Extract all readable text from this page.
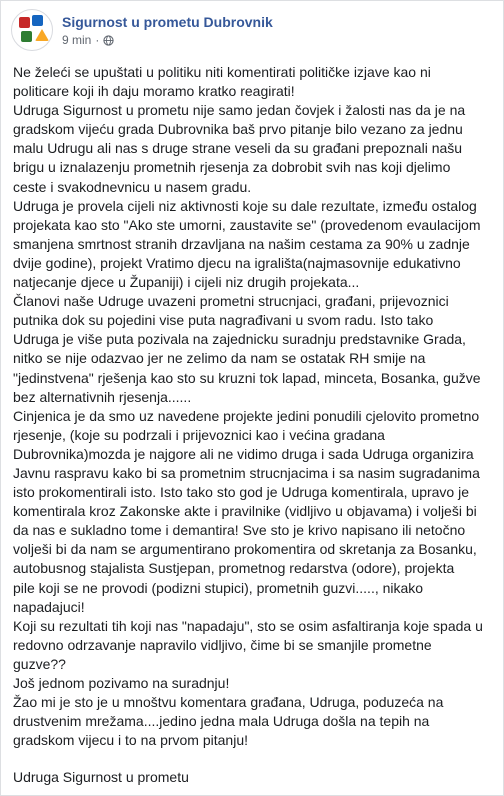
Sigurnost u prometu Dubrovnik
9 min ·

Ne želeći se upuštati u politiku niti komentirati političke izjave kao ni

politicare koji ih daju moramo kratko reagirati!

Udruga Sigurnost u prometu nije samo jedan čovjek i žalosti nas da je na

gradskom vijeću grada Dubrovnika baš prvo pitanje bilo vezano za jednu

malu Udrugu ali nas s druge strane veseli da su građani prepoznali našu

brigu u iznalazenju prometnih rjesenja za dobrobit svih nas koji djelimo

ceste i svakodnevnicu u nasem gradu.

Udruga je provela cijeli niz aktivnosti koje su dale rezultate, između ostalog

projekata kao sto "Ako ste umorni, zaustavite se" (provedenom evaulacijom

smanjena smrtnost stranih drzavljana na našim cestama za 90% u zadnje

dvije godine), projekt Vratimo djecu na igrališta(najmasovnije edukativno

natjecanje djece u Županiji) i cijeli niz drugih projekata...

Članovi naše Udruge uvazeni prometni strucnjaci, građani, prijevoznici

putnika dok su pojedini vise puta nagrađivani u svom radu. Isto tako

Udruga je više puta pozivala na zajednicku suradnju predstavnike Grada,

nitko se nije odazvao jer ne zelimo da nam se ostatak RH smije na

"jedinstvena" rješenja kao sto su kruzni tok lapad, minceta, Bosanka, gužve

bez alternativnih rjesenja......

Cinjenica je da smo uz navedene projekte jedini ponudili cjelovito prometno

rjesenje, (koje su podrzali i prijevoznici kao i većina gradana

Dubrovnika)mozda je najgore ali ne vidimo druga i sada Udruga organizira

Javnu raspravu kako bi sa prometnim strucnjacima i sa nasim sugradanima

isto prokomentirali isto. Isto tako sto god je Udruga komentirala, upravo je

komentirala kroz Zakonske akte i pravilnike (vidljivo u objavama) i volješi bi

da nas e sukladno tome i demantira! Sve sto je krivo napisano ili netočno

volješi bi da nam se argumentirano prokomentira od skretanja za Bosanku,

autobusnog stajalista Sustjepan, prometnog redarstva (odore), projekta

pile koji se ne provodi (podizni stupici), prometnih guzvi....., nikako

napadajuci!

Koji su rezultati tih koji nas "napadaju", sto se osim asfaltiranja koje spada u

redovno odrzavanje napravilo vidljivo, čime bi se smanjile prometne

guzve??

Još jednom pozivamo na suradnju!

Žao mi je sto je u mnoštvu komentara građana, Udruga, poduzeća na

drustvenim mrežama....jedino jedna mala Udruga došla na tepih na

gradskom vijecu i to na prvom pitanju!

Udruga Sigurnost u prometu
